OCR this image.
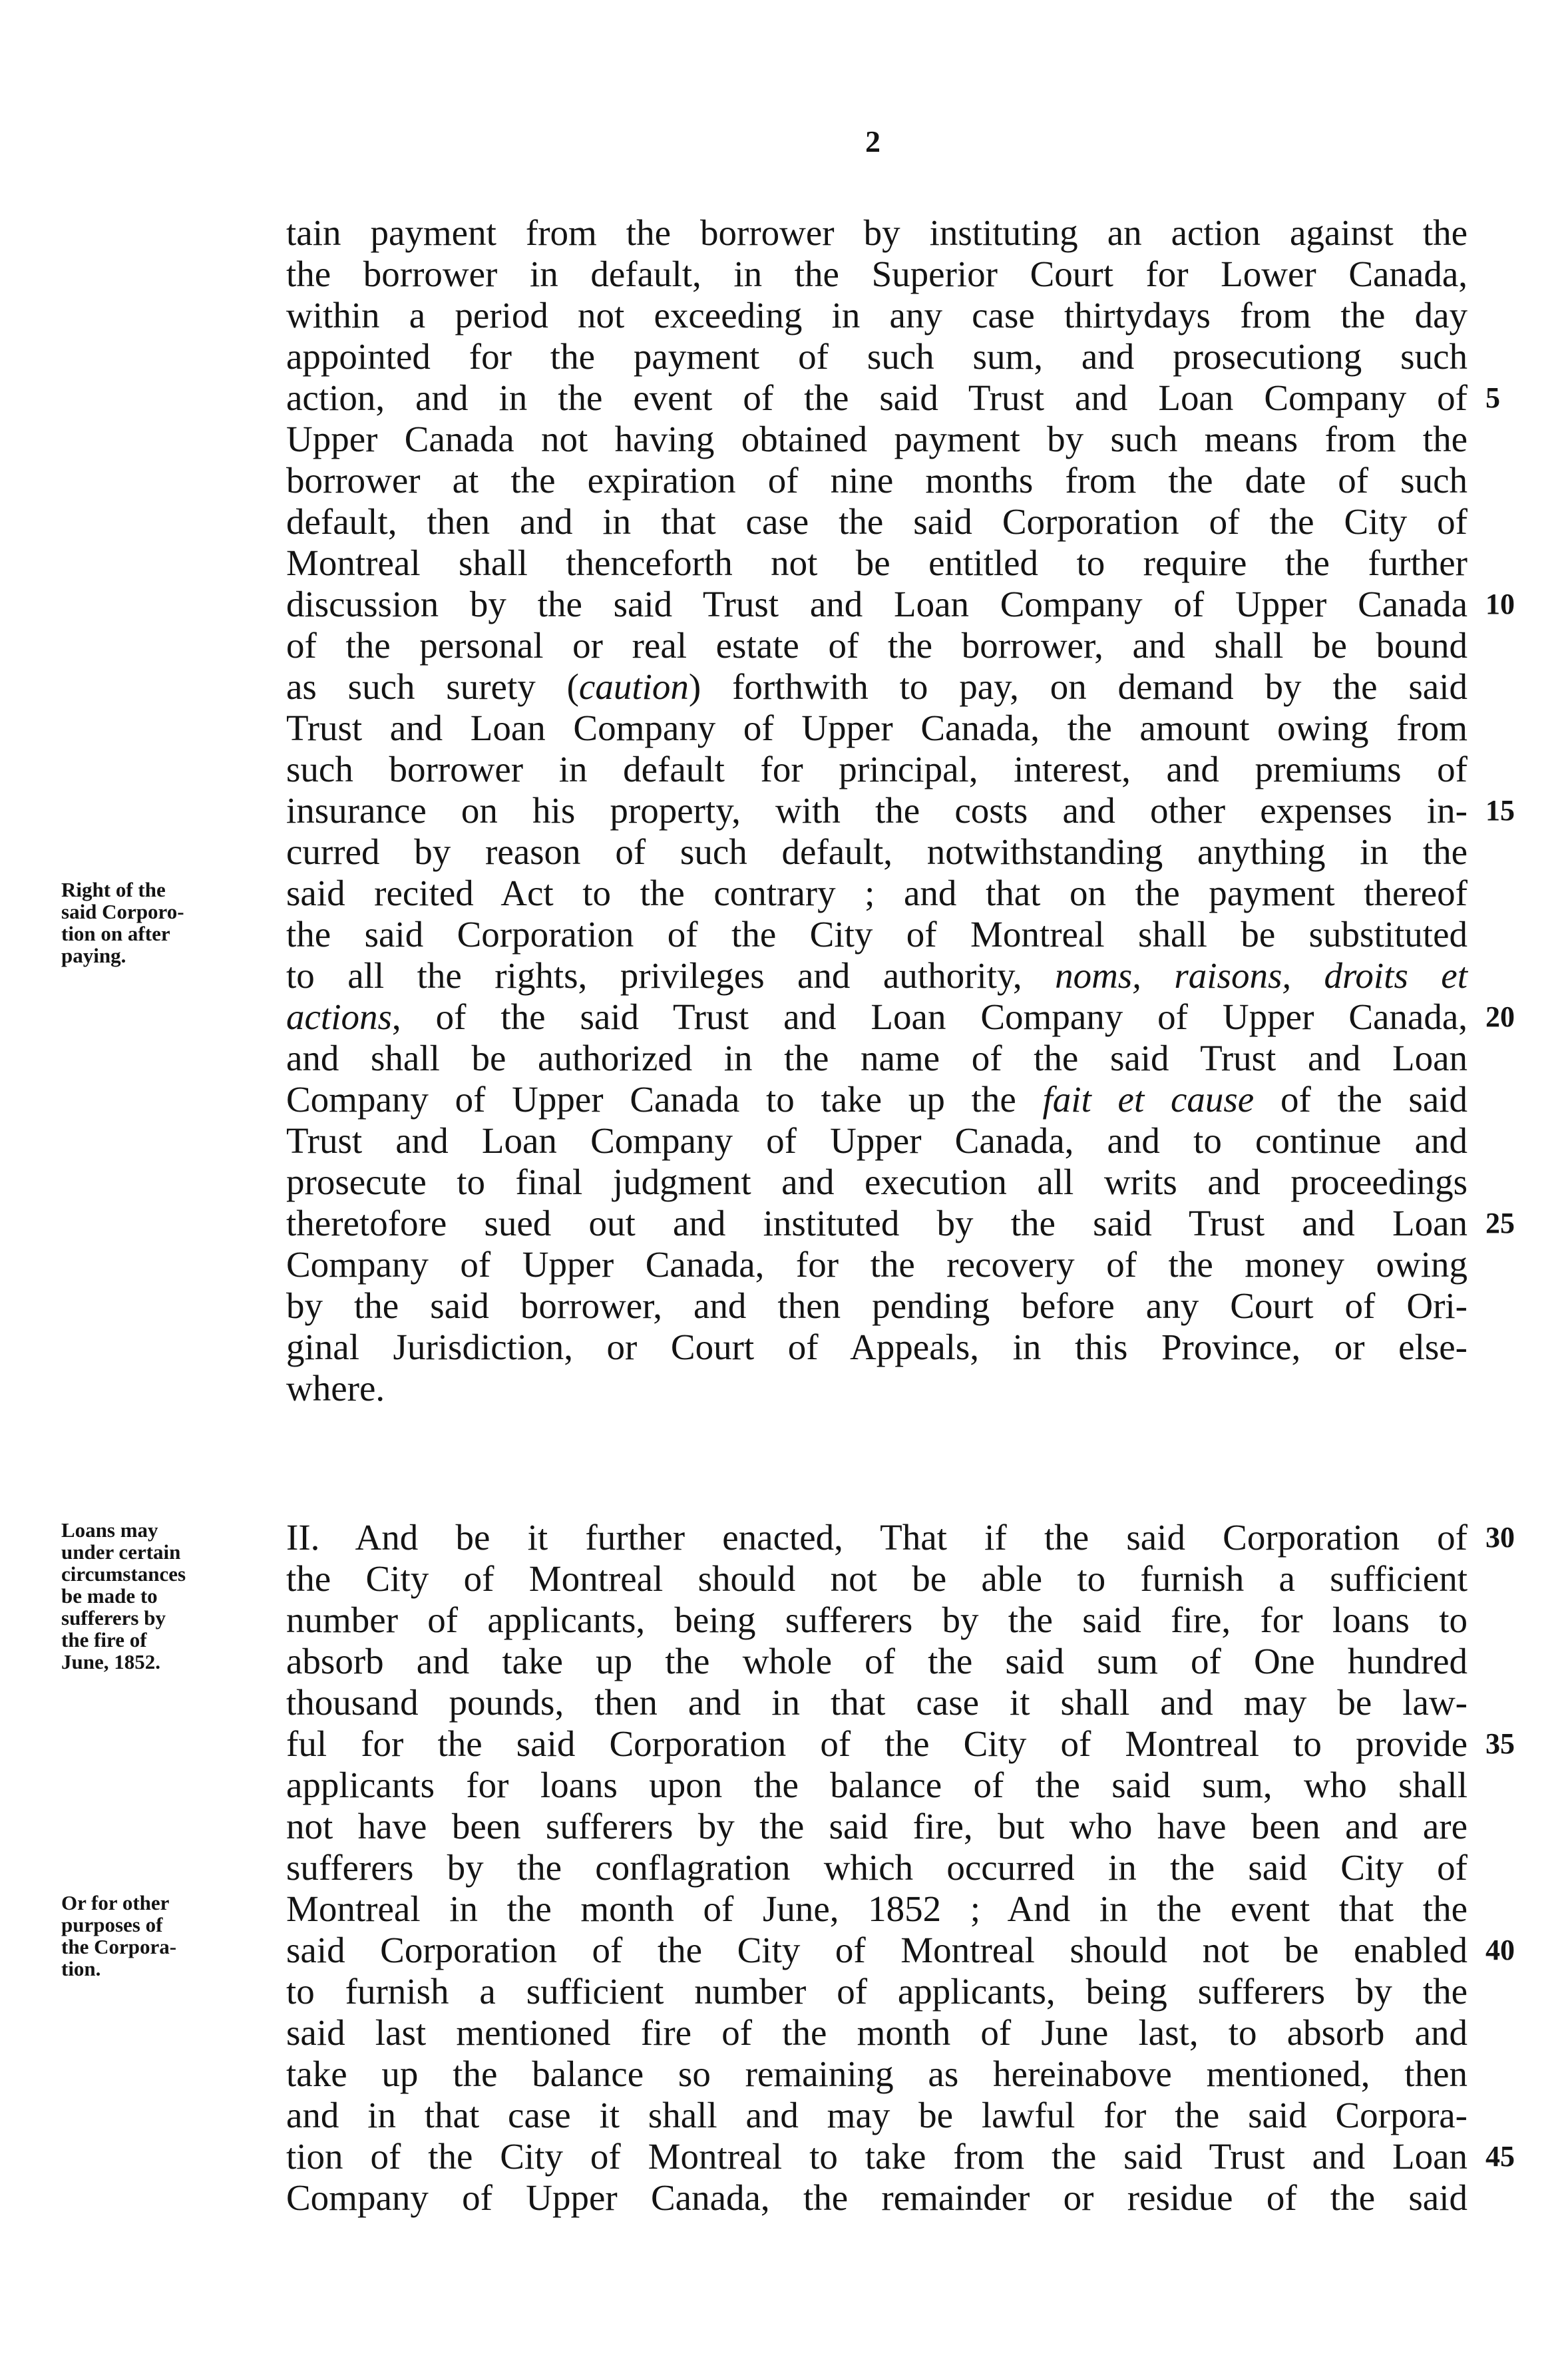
2
tain payment from the borrower by instituting an action against the
the borrower in default, in the Superior Court for Lower Canada,
within a period not exceeding in any case thirtydays from the day
appointed for the payment of such sum, and prosecutiong such
action, and in the event of the said Trust and Loan Company of
Upper Canada not having obtained payment by such means from the
borrower at the expiration of nine months from the date of such
default, then and in that case the said Corporation of the City of
Montreal shall thenceforth not be entitled to require the further
discussion by the said Trust and Loan Company of Upper Canada
of the personal or real estate of the borrower, and shall be bound
as such surety (caution) forthwith to pay, on demand by the said
Trust and Loan Company of Upper Canada, the amount owing from
such borrower in default for principal, interest, and premiums of
insurance on his property, with the costs and other expenses in-
curred by reason of such default, notwithstanding anything in the
said recited Act to the contrary ; and that on the payment thereof
the said Corporation of the City of Montreal shall be substituted
to all the rights, privileges and authority, noms, raisons, droits et
actions, of the said Trust and Loan Company of Upper Canada,
and shall be authorized in the name of the said Trust and Loan
Company of Upper Canada to take up the fait et cause of the said
Trust and Loan Company of Upper Canada, and to continue and
prosecute to final judgment and execution all writs and proceedings
theretofore sued out and instituted by the said Trust and Loan
Company of Upper Canada, for the recovery of the money owing
by the said borrower, and then pending before any Court of Ori-
ginal Jurisdiction, or Court of Appeals, in this Province, or else-
where.
II. And be it further enacted, That if the said Corporation of
the City of Montreal should not be able to furnish a sufficient
number of applicants, being sufferers by the said fire, for loans to
absorb and take up the whole of the said sum of One hundred
thousand pounds, then and in that case it shall and may be law-
ful for the said Corporation of the City of Montreal to provide
applicants for loans upon the balance of the said sum, who shall
not have been sufferers by the said fire, but who have been and are
sufferers by the conflagration which occurred in the said City of
Montreal in the month of June, 1852 ; And in the event that the
said Corporation of the City of Montreal should not be enabled
to furnish a sufficient number of applicants, being sufferers by the
said last mentioned fire of the month of June last, to absorb and
take up the balance so remaining as hereinabove mentioned, then
and in that case it shall and may be lawful for the said Corpora-
tion of the City of Montreal to take from the said Trust and Loan
Company of Upper Canada, the remainder or residue of the said
5
10
15
20
25
30
35
40
45
Right of the
said Corporo-
tion on after
paying.
Loans may
under certain
circumstances
be made to
sufferers by
the fire of
June, 1852.
Or for other
purposes of
the Corpora-
tion.
